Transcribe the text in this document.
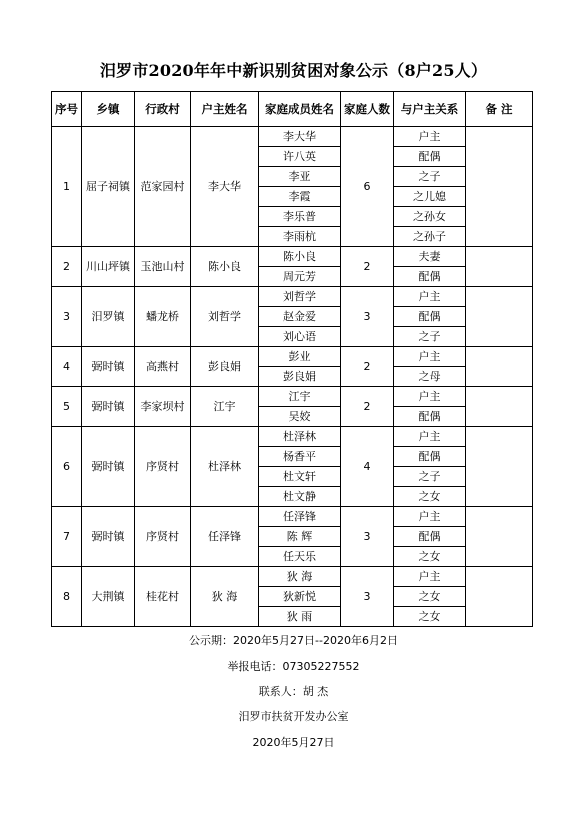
汨罗市2020年年中新识别贫困对象公示（8户25人）
序号	乡镇	行政村	户主姓名	家庭成员姓名	家庭人数	与户主关系	备 注
1	屈子祠镇	范家园村	李大华	李大华	6	户主	
				许八英		配偶	
				李亚		之子	
				李霞		之儿媳	
				李乐普		之孙女	
				李雨杭		之孙子	
2	川山坪镇	玉池山村	陈小良	陈小良	2	夫妻	
				周元芳		配偶	
3	汨罗镇	蟠龙桥	刘哲学	刘哲学	3	户主	
				赵金爱		配偶	
				刘心语		之子	
4	弼时镇	高燕村	彭良娟	彭业	2	户主	
				彭良娟		之母	
5	弼时镇	李家坝村	江宇	江宇	2	户主	
				吴姣		配偶	
6	弼时镇	序贤村	杜泽林	杜泽林	4	户主	
				杨香平		配偶	
				杜文轩		之子	
				杜文静		之女	
7	弼时镇	序贤村	任泽锋	任泽锋	3	户主	
				陈 辉		配偶	
				任天乐		之女	
8	大荆镇	桂花村	狄 海	狄 海	3	户主	
				狄新悦		之女	
				狄 雨		之女	
公示期：2020年5月27日--2020年6月2日
举报电话：07305227552
联系人：胡 杰
汨罗市扶贫开发办公室
2020年5月27日
